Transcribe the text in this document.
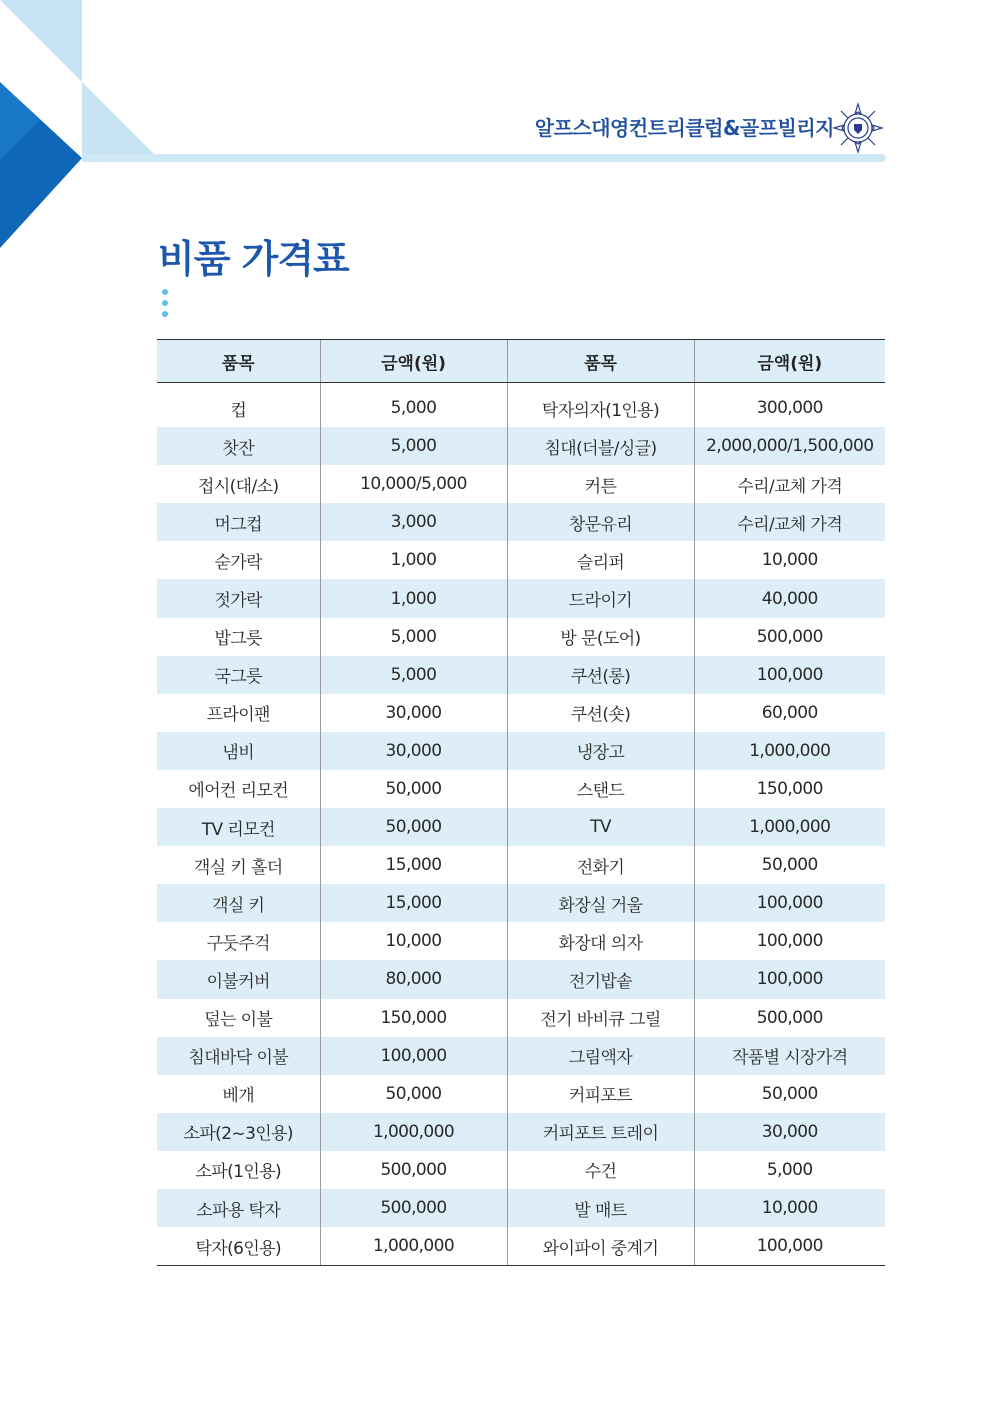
알프스대영컨트리클럽&골프빌리지
비품 가격표
품목	금액(원)	품목	금액(원)
컵	5,000	탁자의자(1인용)	300,000
찻잔	5,000	침대(더블/싱글)	2,000,000/1,500,000
접시(대/소)	10,000/5,000	커튼	수리/교체 가격
머그컵	3,000	창문유리	수리/교체 가격
숟가락	1,000	슬리퍼	10,000
젓가락	1,000	드라이기	40,000
밥그릇	5,000	방 문(도어)	500,000
국그릇	5,000	쿠션(롱)	100,000
프라이팬	30,000	쿠션(숏)	60,000
냄비	30,000	냉장고	1,000,000
에어컨 리모컨	50,000	스탠드	150,000
TV 리모컨	50,000	TV	1,000,000
객실 키 홀더	15,000	전화기	50,000
객실 키	15,000	화장실 거울	100,000
구둣주걱	10,000	화장대 의자	100,000
이불커버	80,000	전기밥솥	100,000
덮는 이불	150,000	전기 바비큐 그릴	500,000
침대바닥 이불	100,000	그림액자	작품별 시장가격
베개	50,000	커피포트	50,000
소파(2~3인용)	1,000,000	커피포트 트레이	30,000
소파(1인용)	500,000	수건	5,000
소파용 탁자	500,000	발 매트	10,000
탁자(6인용)	1,000,000	와이파이 중계기	100,000
